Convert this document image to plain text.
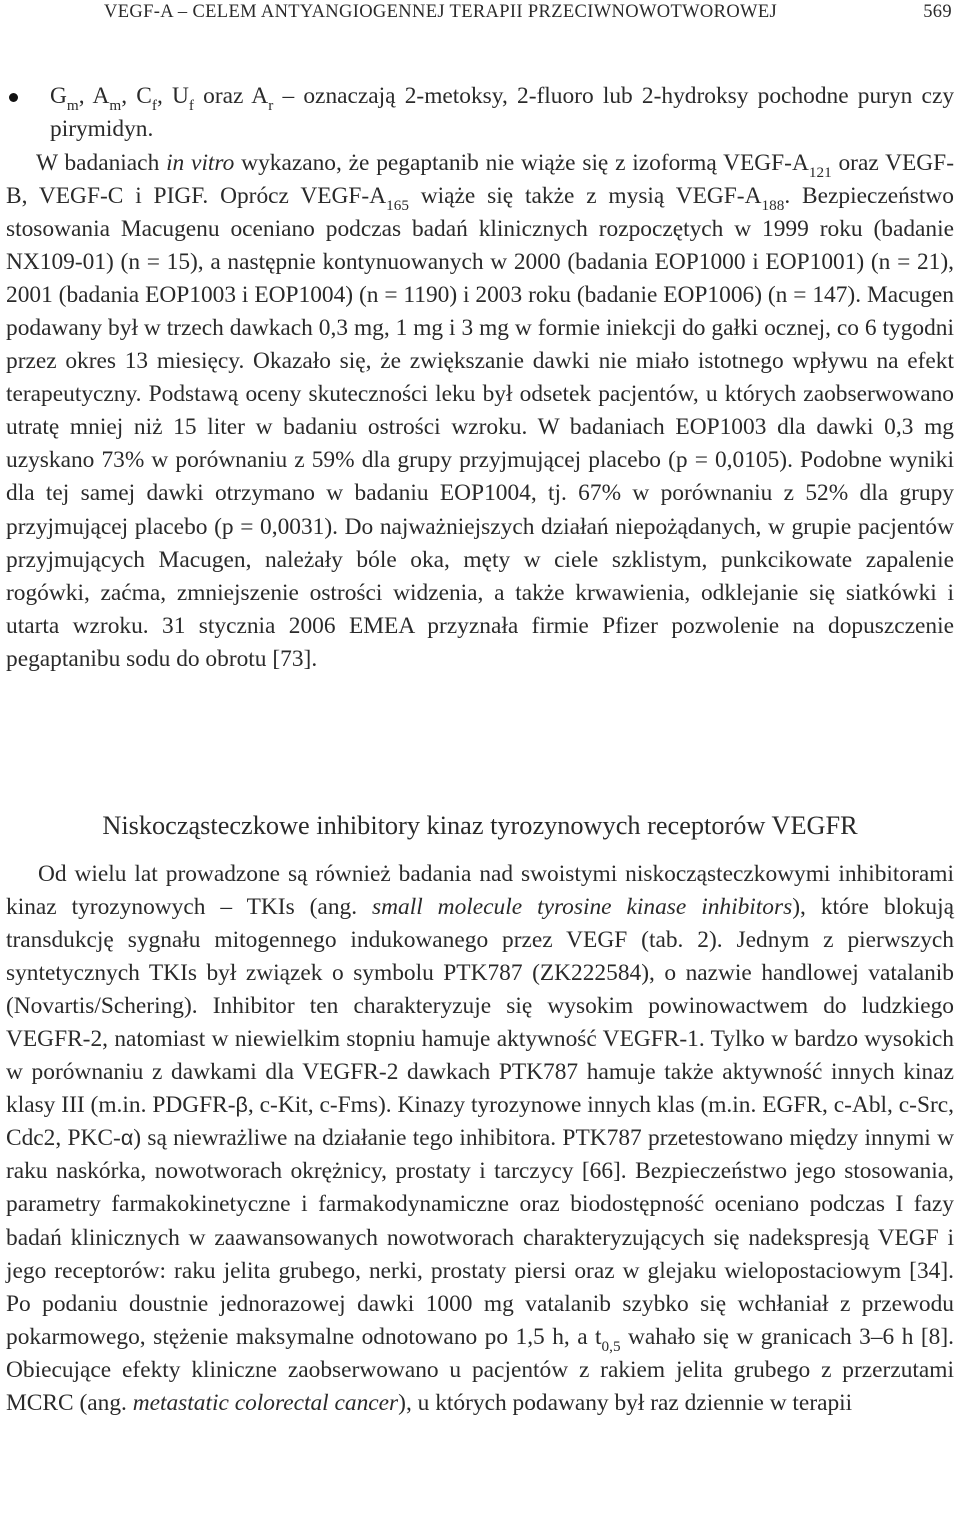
VEGF-A – CELEM ANTYANGIOGENNEJ TERAPII PRZECIWNOWOTWOROWEJ	569
$G_m$, $A_m$, $C_f$, $U_f$ oraz $A_r$ – oznaczają 2-metoksy, 2-fluoro lub 2-hydroksy pochodne puryn czy pirymidyn.
W badaniach in vitro wykazano, że pegaptanib nie wiąże się z izoformą VEGF-$A_{121}$ oraz VEGF-B, VEGF-C i PIGF. Oprócz VEGF-$A_{165}$ wiąże się także z mysią VEGF-$A_{188}$. Bezpieczeństwo stosowania Macugenu oceniano podczas badań klinicznych rozpoczętych w 1999 roku (badanie NX109-01) (n = 15), a następnie kontynuowanych w 2000 (badania EOP1000 i EOP1001) (n = 21), 2001 (badania EOP1003 i EOP1004) (n = 1190) i 2003 roku (badanie EOP1006) (n = 147). Macugen podawany był w trzech dawkach 0,3 mg, 1 mg i 3 mg w formie iniekcji do gałki ocznej, co 6 tygodni przez okres 13 miesięcy. Okazało się, że zwiększanie dawki nie miało istotnego wpływu na efekt terapeutyczny. Podstawą oceny skuteczności leku był odsetek pacjentów, u których zaobserwowano utratę mniej niż 15 liter w badaniu ostrości wzroku. W badaniach EOP1003 dla dawki 0,3 mg uzyskano 73% w porównaniu z 59% dla grupy przyjmującej placebo (p = 0,0105). Podobne wyniki dla tej samej dawki otrzymano w badaniu EOP1004, tj. 67% w porównaniu z 52% dla grupy przyjmującej placebo (p = 0,0031). Do najważniejszych działań niepożądanych, w grupie pacjentów przyjmujących Macugen, należały bóle oka, męty w ciele szklistym, punkcikowate zapalenie rogówki, zaćma, zmniejszenie ostrości widzenia, a także krwawienia, odklejanie się siatkówki i utarta wzroku. 31 stycznia 2006 EMEA przyznała firmie Pfizer pozwolenie na dopuszczenie pegaptanibu sodu do obrotu [73].
Niskocząsteczkowe inhibitory kinaz tyrozynowych receptorów VEGFR
Od wielu lat prowadzone są również badania nad swoistymi niskocząsteczkowymi inhibitorami kinaz tyrozynowych – TKIs (ang. small molecule tyrosine kinase inhibitors), które blokują transdukcję sygnału mitogennego indukowanego przez VEGF (tab. 2). Jednym z pierwszych syntetycznych TKIs był związek o symbolu PTK787 (ZK222584), o nazwie handlowej vatalanib (Novartis/Schering). Inhibitor ten charakteryzuje się wysokim powinowactwem do ludzkiego VEGFR-2, natomiast w niewielkim stopniu hamuje aktywność VEGFR-1. Tylko w bardzo wysokich w porównaniu z dawkami dla VEGFR-2 dawkach PTK787 hamuje także aktywność innych kinaz klasy III (m.in. PDGFR-β, c-Kit, c-Fms). Kinazy tyrozynowe innych klas (m.in. EGFR, c-Abl, c-Src, Cdc2, PKC-α) są niewrażliwe na działanie tego inhibitora. PTK787 przetestowano między innymi w raku naskórka, nowotworach okrężnicy, prostaty i tarczycy [66]. Bezpieczeństwo jego stosowania, parametry farmakokinetyczne i farmakodynamiczne oraz biodostępność oceniano podczas I fazy badań klinicznych w zaawansowanych nowotworach charakteryzujących się nadekspresją VEGF i jego receptorów: raku jelita grubego, nerki, prostaty piersi oraz w glejaku wielopostaciowym [34]. Po podaniu doustnie jednorazowej dawki 1000 mg vatalanib szybko się wchłaniał z przewodu pokarmowego, stężenie maksymalne odnotowano po 1,5 h, a $t_{0,5}$ wahało się w granicach 3–6 h [8]. Obiecujące efekty kliniczne zaobserwowano u pacjentów z rakiem jelita grubego z przerzutami MCRC (ang. metastatic colorectal cancer), u których podawany był raz dziennie w terapii
